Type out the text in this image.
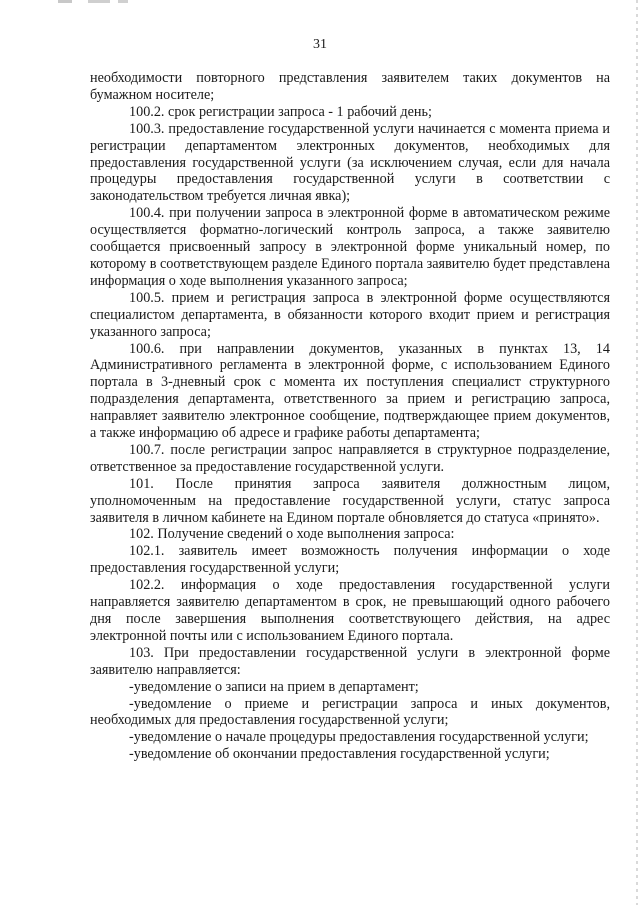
31

необходимости повторного представления заявителем таких документов на бумажном носителе;

100.2. срок регистрации запроса - 1 рабочий день;

100.3. предоставление государственной услуги начинается с момента приема и регистрации департаментом электронных документов, необходимых для предоставления государственной услуги (за исключением случая, если для начала процедуры предоставления государственной услуги в соответствии с законодательством требуется личная явка);

100.4. при получении запроса в электронной форме в автоматическом режиме осуществляется форматно-логический контроль запроса, а также заявителю сообщается присвоенный запросу в электронной форме уникальный номер, по которому в соответствующем разделе Единого портала заявителю будет представлена информация о ходе выполнения указанного запроса;

100.5. прием и регистрация запроса в электронной форме осуществляются специалистом департамента, в обязанности которого входит прием и регистрация указанного запроса;

100.6. при направлении документов, указанных в пунктах 13, 14 Административного регламента в электронной форме, с использованием Единого портала в 3-дневный срок с момента их поступления специалист структурного подразделения департамента, ответственного за прием и регистрацию запроса, направляет заявителю электронное сообщение, подтверждающее прием документов, а также информацию об адресе и графике работы департамента;

100.7. после регистрации запрос направляется в структурное подразделение, ответственное за предоставление государственной услуги.

101. После принятия запроса заявителя должностным лицом, уполномоченным на предоставление государственной услуги, статус запроса заявителя в личном кабинете на Едином портале обновляется до статуса «принято».

102. Получение сведений о ходе выполнения запроса:

102.1. заявитель имеет возможность получения информации о ходе предоставления государственной услуги;

102.2. информация о ходе предоставления государственной услуги направляется заявителю департаментом в срок, не превышающий одного рабочего дня после завершения выполнения соответствующего действия, на адрес электронной почты или с использованием Единого портала.

103. При предоставлении государственной услуги в электронной форме заявителю направляется:

-уведомление о записи на прием в департамент;

-уведомление о приеме и регистрации запроса и иных документов, необходимых для предоставления государственной услуги;

-уведомление о начале процедуры предоставления государственной услуги;

-уведомление об окончании предоставления государственной услуги;
